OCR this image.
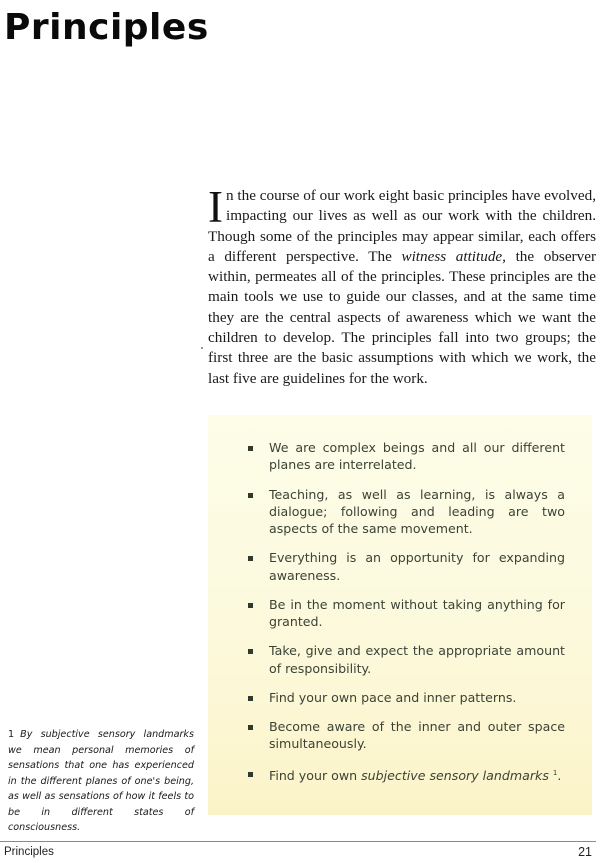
Principles

In the course of our work eight basic principles have evolved, impacting our lives as well as our work with the children. Though some of the principles may appear similar, each offers a different perspective. The witness attitude, the observer within, permeates all of the principles. These principles are the main tools we use to guide our classes, and at the same time they are the central aspects of awareness which we want the children to develop. The principles fall into two groups; the first three are the basic assumptions with which we work, the last five are guidelines for the work.

We are complex beings and all our different planes are interrelated.
Teaching, as well as learning, is always a dialogue; following and leading are two aspects of the same movement.
Everything is an opportunity for expanding awareness.
Be in the moment without taking anything for granted.
Take, give and expect the appropriate amount of responsibility.
Find your own pace and inner patterns.
Become aware of the inner and outer space simultaneously.
Find your own subjective sensory landmarks $^1$.

1 By subjective sensory landmarks we mean personal memories of sensations that one has experienced in the different planes of one's being, as well as sensations of how it feels to be in different states of consciousness.

Principles	21
